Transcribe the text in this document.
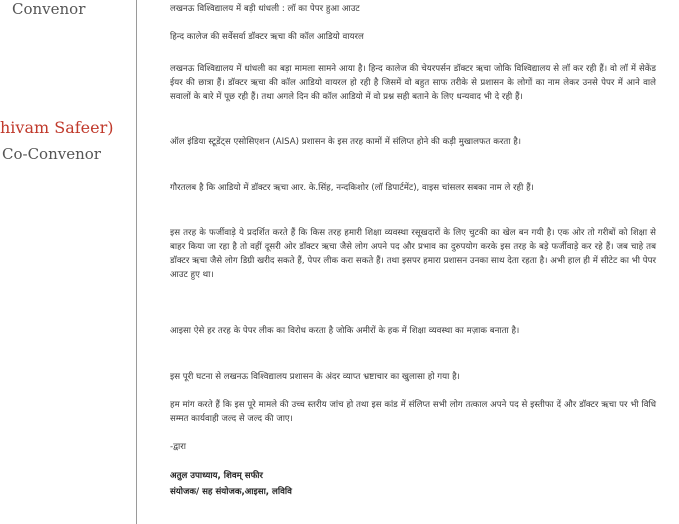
Convenor
hivam Safeer)
Co-Convenor

लखनऊ विश्विद्यालय में बड़ी धांधली : लॉ का पेपर हुआ आउट

हिन्द कालेज की सर्वेसर्वा डॉक्टर ऋचा की कॉल आडियो वायरल

लखनऊ विश्विद्यालय में धांधली का बड़ा मामला सामने आया है। हिन्द कालेज की चेयरपर्सन डॉक्टर ऋचा जोकि विश्विद्यालय से लॉ कर रही हैं। वो लॉ में सेकेंड ईयर की छात्रा हैं। डॉक्टर ऋचा की कॉल आडियो वायरल हो रही है जिसमें वो बहुत साफ तरीके से प्रशासन के लोगों का नाम लेकर उनसे पेपर में आने वाले सवालों के बारे में पूछ रही हैं। तथा अगले दिन की कॉल आडियो में वो प्रश्न सही बताने के लिए धन्यवाद भी दे रही हैं।

ऑल इंडिया स्टूडेंट्स एसोसिएशन (AISA) प्रशासन के इस तरह कामों में संलिप्त होने की कड़ी मुखालफत करता है।

गौरतलब है कि आडियो में डॉक्टर ऋचा आर. के.सिंह, नन्दकिशोर (लॉ डिपार्टमेंट), वाइस चांसलर सबका नाम ले रही हैं।

इस तरह के फर्जीवाड़े ये प्रदर्शित करते हैं कि किस तरह हमारी शिक्षा व्यवस्था रसूखदारों के लिए चुटकी का खेल बन गयी है। एक ओर तो गरीबों को शिक्षा से बाहर किया जा रहा है तो वहीं दूसरी ओर डॉक्टर ऋचा जैसे लोग अपने पद और प्रभाव का दुरुपयोग करके इस तरह के बड़े फर्जीवाड़े कर रहे हैं। जब चाहे तब डॉक्टर ऋचा जैसे लोग डिग्री खरीद सकते हैं, पेपर लीक करा सकते हैं। तथा इसपर हमारा प्रशासन उनका साथ देता रहता है। अभी हाल ही में सीटेट का भी पेपर आउट हुए था।

आइसा ऐसे हर तरह के पेपर लीक का विरोध करता है जोकि अमीरों के हक में शिक्षा व्यवस्था का मज़ाक बनाता है।

इस पूरी घटना से लखनऊ विश्विद्यालय प्रशासन के अंदर व्याप्त भ्रष्टाचार का खुलासा हो गया है।

हम मांग करते हैं कि इस पूरे मामले की उच्च स्तरीय जांच हो तथा इस कांड में संलिप्त सभी लोग तत्काल अपने पद से इस्तीफा दें और डॉक्टर ऋचा पर भी विधि सम्मत कार्यवाही जल्द से जल्द की जाए।

-द्वारा

अतुल उपाध्याय, शिवम् सफीर

संयोजक/ सह संयोजक,आइसा, लविवि
